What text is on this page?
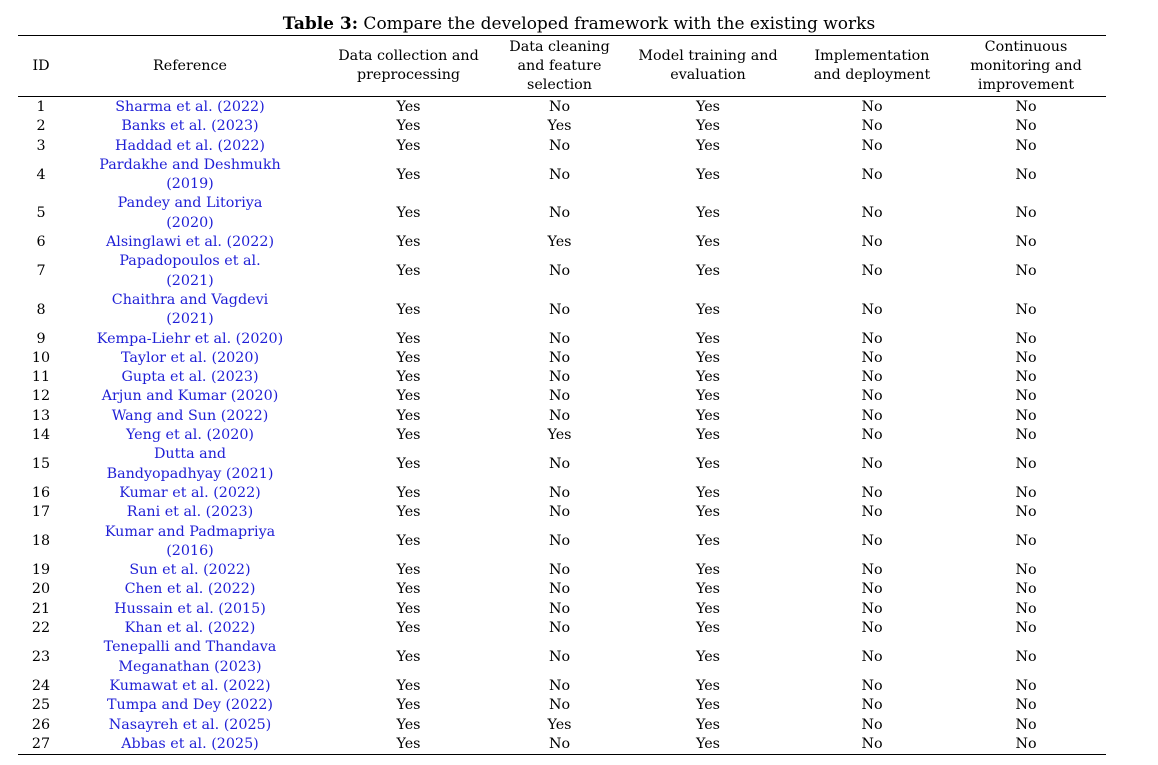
Table 3: Compare the developed framework with the existing works
ID	Reference	Data collection and preprocessing	Data cleaning and feature selection	Model training and evaluation	Implementation and deployment	Continuous monitoring and improvement
1	Sharma et al. (2022)	Yes	No	Yes	No	No
2	Banks et al. (2023)	Yes	Yes	Yes	No	No
3	Haddad et al. (2022)	Yes	No	Yes	No	No
4	Pardakhe and Deshmukh
(2019)	Yes	No	Yes	No	No
5	Pandey and Litoriya
(2020)	Yes	No	Yes	No	No
6	Alsinglawi et al. (2022)	Yes	Yes	Yes	No	No
7	Papadopoulos et al.
(2021)	Yes	No	Yes	No	No
8	Chaithra and Vagdevi
(2021)	Yes	No	Yes	No	No
9	Kempa-Liehr et al. (2020)	Yes	No	Yes	No	No
10	Taylor et al. (2020)	Yes	No	Yes	No	No
11	Gupta et al. (2023)	Yes	No	Yes	No	No
12	Arjun and Kumar (2020)	Yes	No	Yes	No	No
13	Wang and Sun (2022)	Yes	No	Yes	No	No
14	Yeng et al. (2020)	Yes	Yes	Yes	No	No
15	Dutta and
Bandyopadhyay (2021)	Yes	No	Yes	No	No
16	Kumar et al. (2022)	Yes	No	Yes	No	No
17	Rani et al. (2023)	Yes	No	Yes	No	No
18	Kumar and Padmapriya
(2016)	Yes	No	Yes	No	No
19	Sun et al. (2022)	Yes	No	Yes	No	No
20	Chen et al. (2022)	Yes	No	Yes	No	No
21	Hussain et al. (2015)	Yes	No	Yes	No	No
22	Khan et al. (2022)	Yes	No	Yes	No	No
23	Tenepalli and Thandava
Meganathan (2023)	Yes	No	Yes	No	No
24	Kumawat et al. (2022)	Yes	No	Yes	No	No
25	Tumpa and Dey (2022)	Yes	No	Yes	No	No
26	Nasayreh et al. (2025)	Yes	Yes	Yes	No	No
27	Abbas et al. (2025)	Yes	No	Yes	No	No
